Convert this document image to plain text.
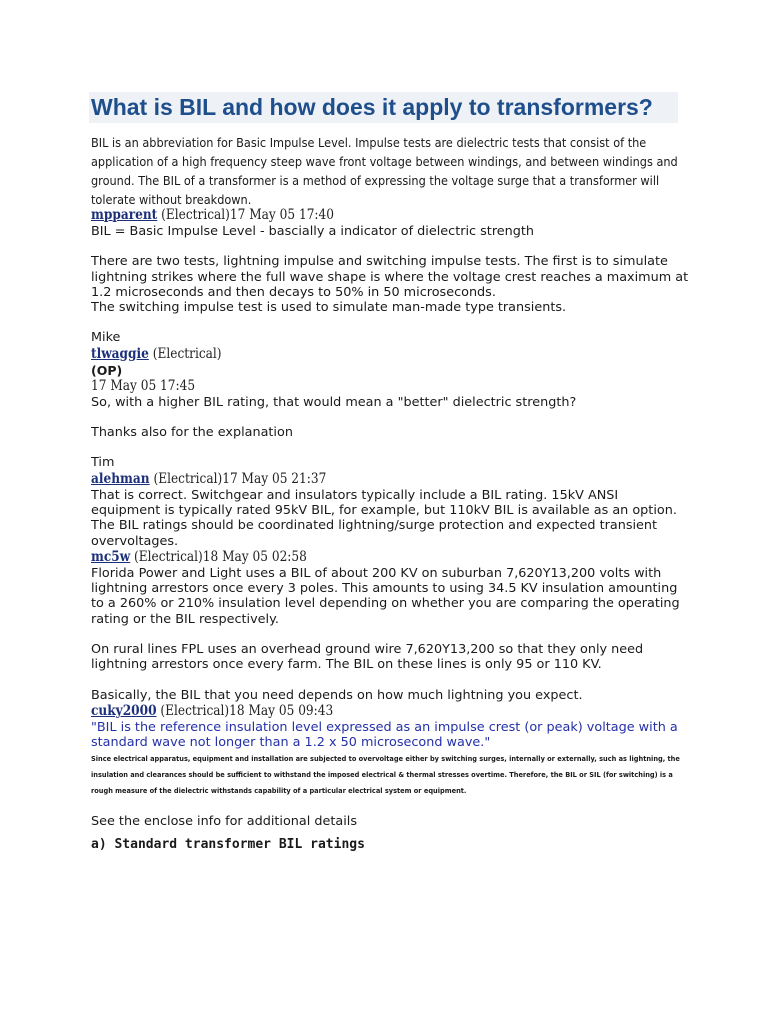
What is BIL and how does it apply to transformers?
BIL is an abbreviation for Basic Impulse Level. Impulse tests are dielectric tests that consist of the
application of a high frequency steep wave front voltage between windings, and between windings and
ground. The BIL of a transformer is a method of expressing the voltage surge that a transformer will
tolerate without breakdown.
mpparent (Electrical)17 May 05 17:40
BIL = Basic Impulse Level - bascially a indicator of dielectric strength
There are two tests, lightning impulse and switching impulse tests. The first is to simulate
lightning strikes where the full wave shape is where the voltage crest reaches a maximum at
1.2 microseconds and then decays to 50% in 50 microseconds.
The switching impulse test is used to simulate man-made type transients.
Mike
tlwaggie (Electrical)
(OP)
17 May 05 17:45
So, with a higher BIL rating, that would mean a "better" dielectric strength?
Thanks also for the explanation
Tim
alehman (Electrical)17 May 05 21:37
That is correct. Switchgear and insulators typically include a BIL rating. 15kV ANSI
equipment is typically rated 95kV BIL, for example, but 110kV BIL is available as an option.
The BIL ratings should be coordinated lightning/surge protection and expected transient
overvoltages.
mc5w (Electrical)18 May 05 02:58
Florida Power and Light uses a BIL of about 200 KV on suburban 7,620Y13,200 volts with
lightning arrestors once every 3 poles. This amounts to using 34.5 KV insulation amounting
to a 260% or 210% insulation level depending on whether you are comparing the operating
rating or the BIL respectively.
On rural lines FPL uses an overhead ground wire 7,620Y13,200 so that they only need
lightning arrestors once every farm. The BIL on these lines is only 95 or 110 KV.
Basically, the BIL that you need depends on how much lightning you expect.
cuky2000 (Electrical)18 May 05 09:43
"BIL is the reference insulation level expressed as an impulse crest (or peak) voltage with a
standard wave not longer than a 1.2 x 50 microsecond wave."
Since electrical apparatus, equipment and installation are subjected to overvoltage either by switching surges, internally or externally, such as lightning, the
insulation and clearances should be sufficient to withstand the imposed electrical & thermal stresses overtime. Therefore, the BIL or SIL (for switching) is a
rough measure of the dielectric withstands capability of a particular electrical system or equipment.
See the enclose info for additional details
a) Standard transformer BIL ratings
